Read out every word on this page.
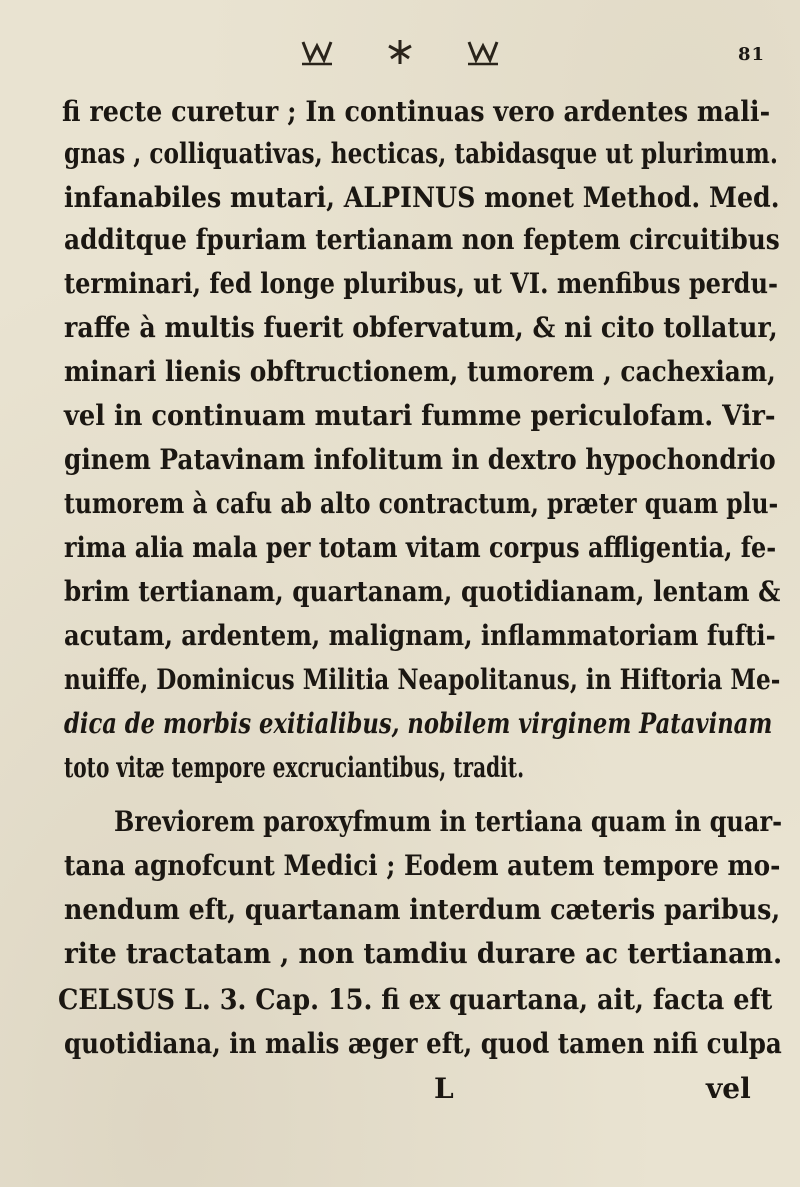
81
fi recte curetur ; In continuas vero ardentes mali-
gnas , colliquativas, hecticas, tabidasque ut plurimum.
infanabiles mutari, ALPINUS monet Method. Med.
additque fpuriam tertianam non feptem circuitibus
terminari, fed longe pluribus, ut VI. menfibus perdu-
raffe à multis fuerit obfervatum, & ni cito tollatur,
minari lienis obftructionem, tumorem , cachexiam,
vel in continuam mutari fumme periculofam. Vir-
ginem Patavinam infolitum in dextro hypochondrio
tumorem à cafu ab alto contractum, præter quam plu-
rima alia mala per totam vitam corpus affligentia, fe-
brim tertianam, quartanam, quotidianam, lentam &
acutam, ardentem, malignam, inflammatoriam fufti-
nuiffe, Dominicus Militia Neapolitanus, in Hiftoria Me-
dica de morbis exitialibus, nobilem virginem Patavinam
toto vitæ tempore excruciantibus, tradit.
Breviorem paroxyfmum in tertiana quam in quar-
tana agnofcunt Medici ; Eodem autem tempore mo-
nendum eft, quartanam interdum cæteris paribus,
rite tractatam , non tamdiu durare ac tertianam.
CELSUS L. 3. Cap. 15. fi ex quartana, ait, facta eft
quotidiana, in malis æger eft, quod tamen nifi culpa
L	vel
